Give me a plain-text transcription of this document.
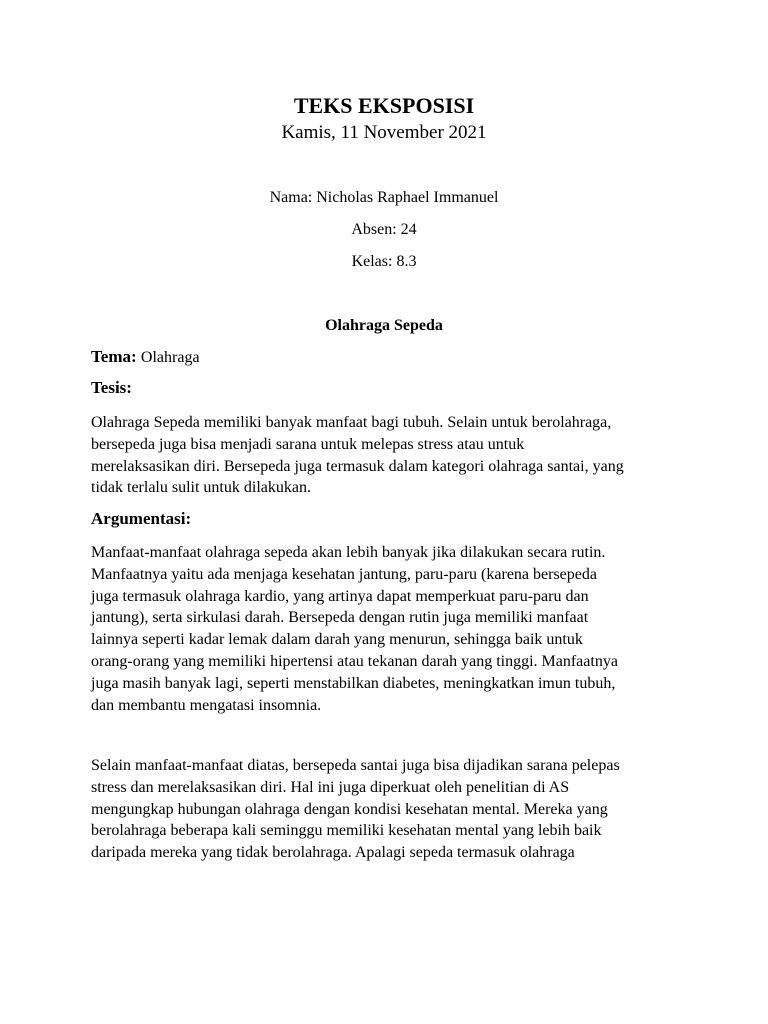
TEKS EKSPOSISI
Kamis, 11 November 2021
Nama: Nicholas Raphael Immanuel
Absen: 24
Kelas: 8.3
Olahraga Sepeda
Tema: Olahraga
Tesis:
Olahraga Sepeda memiliki banyak manfaat bagi tubuh. Selain untuk berolahraga,
bersepeda juga bisa menjadi sarana untuk melepas stress atau untuk
merelaksasikan diri. Bersepeda juga termasuk dalam kategori olahraga santai, yang
tidak terlalu sulit untuk dilakukan.
Argumentasi:
Manfaat-manfaat olahraga sepeda akan lebih banyak jika dilakukan secara rutin.
Manfaatnya yaitu ada menjaga kesehatan jantung, paru-paru (karena bersepeda
juga termasuk olahraga kardio, yang artinya dapat memperkuat paru-paru dan
jantung), serta sirkulasi darah. Bersepeda dengan rutin juga memiliki manfaat
lainnya seperti kadar lemak dalam darah yang menurun, sehingga baik untuk
orang-orang yang memiliki hipertensi atau tekanan darah yang tinggi. Manfaatnya
juga masih banyak lagi, seperti menstabilkan diabetes, meningkatkan imun tubuh,
dan membantu mengatasi insomnia.
Selain manfaat-manfaat diatas, bersepeda santai juga bisa dijadikan sarana pelepas
stress dan merelaksasikan diri. Hal ini juga diperkuat oleh penelitian di AS
mengungkap hubungan olahraga dengan kondisi kesehatan mental. Mereka yang
berolahraga beberapa kali seminggu memiliki kesehatan mental yang lebih baik
daripada mereka yang tidak berolahraga. Apalagi sepeda termasuk olahraga
